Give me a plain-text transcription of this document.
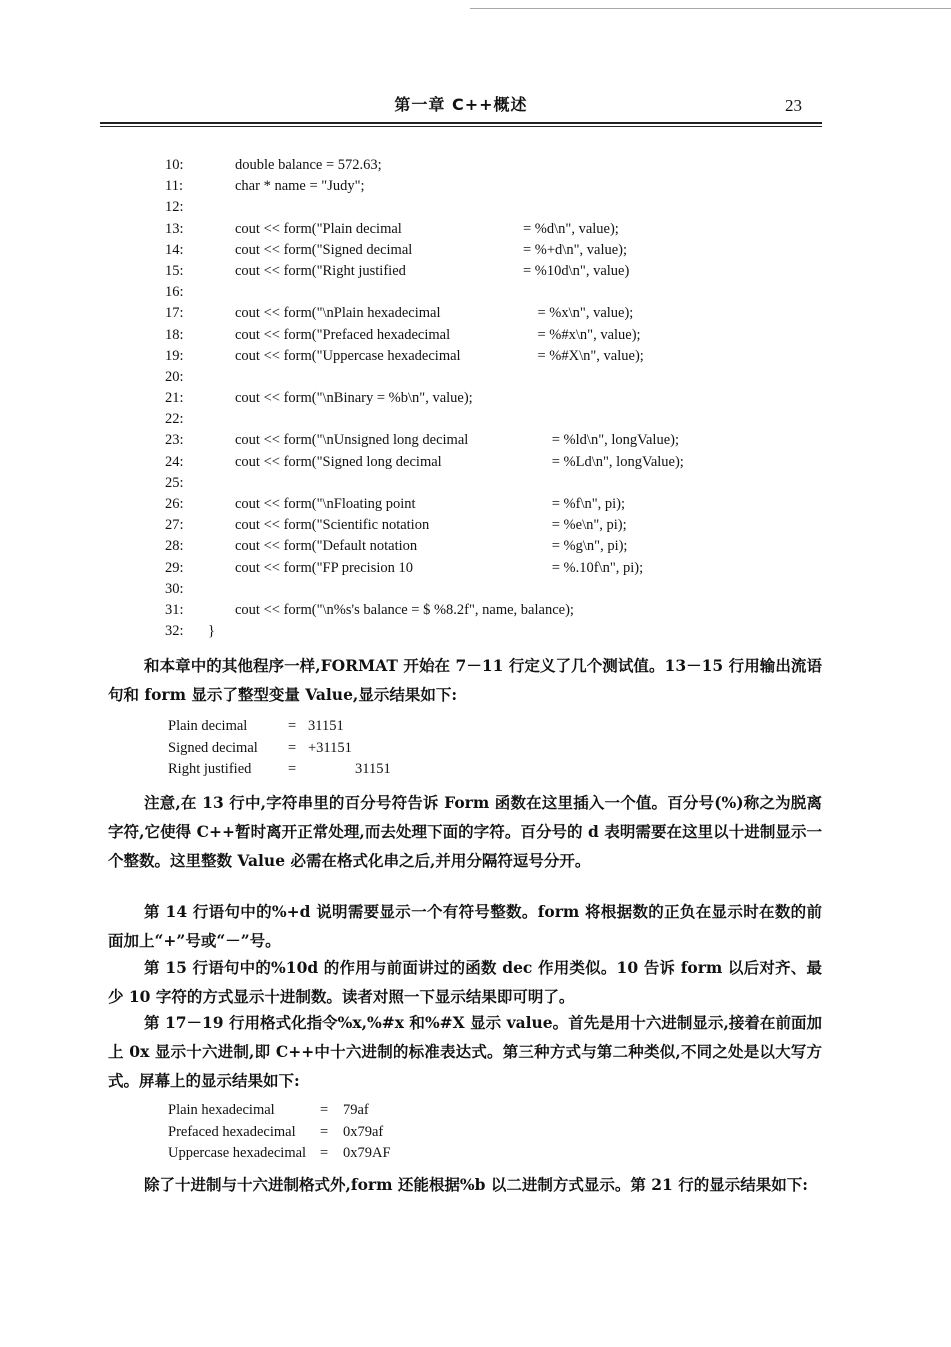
第一章 C++概述	23
10:	double balance = 572.63;
11:	char * name = "Judy";
12:
13:	cout << form("Plain decimal	= %d\n", value);
14:	cout << form("Signed decimal	= %+d\n", value);
15:	cout << form("Right justified	= %10d\n", value)
16:
17:	cout << form("\nPlain hexadecimal	= %x\n", value);
18:	cout << form("Prefaced hexadecimal	= %#x\n", value);
19:	cout << form("Uppercase hexadecimal	= %#X\n", value);
20:
21:	cout << form("\nBinary = %b\n", value);
22:
23:	cout << form("\nUnsigned long decimal	= %ld\n", longValue);
24:	cout << form("Signed long decimal	= %Ld\n", longValue);
25:
26:	cout << form("\nFloating point	= %f\n", pi);
27:	cout << form("Scientific notation	= %e\n", pi);
28:	cout << form("Default notation	= %g\n", pi);
29:	cout << form("FP precision 10	= %.10f\n", pi);
30:
31:	cout << form("\n%s's balance = $ %8.2f", name, balance);
32:	}
和本章中的其他程序一样,FORMAT 开始在 7－11 行定义了几个测试值。13－15 行用输出流语句和 form 显示了整型变量 Value,显示结果如下:
Plain decimal	= 31151
Signed decimal = +31151
Right justified	=	31151
注意,在 13 行中,字符串里的百分号符告诉 Form 函数在这里插入一个值。百分号(%)称之为脱离字符,它使得 C++暂时离开正常处理,而去处理下面的字符。百分号的 d 表明需要在这里以十进制显示一个整数。这里整数 Value 必需在格式化串之后,并用分隔符逗号分开。
第 14 行语句中的%+d 说明需要显示一个有符号整数。form 将根据数的正负在显示时在数的前面加上“+”号或“－”号。
第 15 行语句中的%10d 的作用与前面讲过的函数 dec 作用类似。10 告诉 form 以后对齐、最少 10 字符的方式显示十进制数。读者对照一下显示结果即可明了。
第 17－19 行用格式化指令%x,%#x 和%#X 显示 value。首先是用十六进制显示,接着在前面加上 0x 显示十六进制,即 C++中十六进制的标准表达式。第三种方式与第二种类似,不同之处是以大写方式。屏幕上的显示结果如下:
Plain hexadecimal	= 79af
Prefaced hexadecimal = 0x79af
Uppercase hexadecimal = 0x79AF
除了十进制与十六进制格式外,form 还能根据%b 以二进制方式显示。第 21 行的显示结果如下:
